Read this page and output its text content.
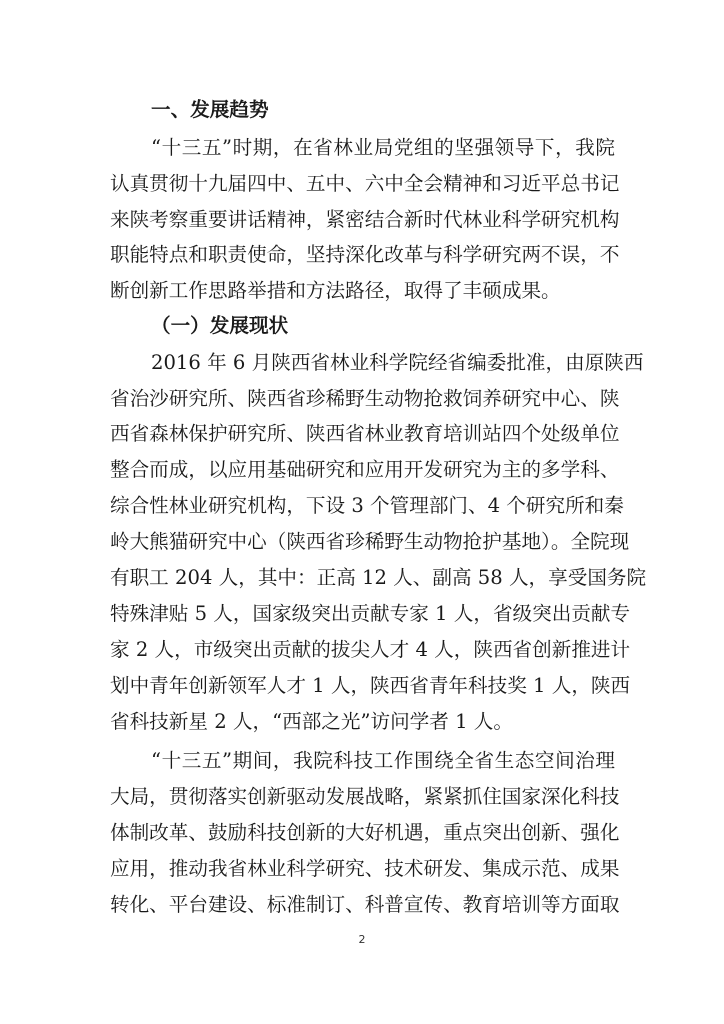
一、发展趋势
“十三五”时期，在省林业局党组的坚强领导下，我院
认真贯彻十九届四中、五中、六中全会精神和习近平总书记
来陕考察重要讲话精神，紧密结合新时代林业科学研究机构
职能特点和职责使命，坚持深化改革与科学研究两不误，不
断创新工作思路举措和方法路径，取得了丰硕成果。
（一）发展现状
2016 年 6 月陕西省林业科学院经省编委批准，由原陕西
省治沙研究所、陕西省珍稀野生动物抢救饲养研究中心、陕
西省森林保护研究所、陕西省林业教育培训站四个处级单位
整合而成，以应用基础研究和应用开发研究为主的多学科、
综合性林业研究机构，下设 3 个管理部门、4 个研究所和秦
岭大熊猫研究中心（陕西省珍稀野生动物抢护基地）。全院现
有职工 204 人，其中：正高 12 人、副高 58 人，享受国务院
特殊津贴 5 人，国家级突出贡献专家 1 人，省级突出贡献专
家 2 人，市级突出贡献的拔尖人才 4 人，陕西省创新推进计
划中青年创新领军人才 1 人，陕西省青年科技奖 1 人，陕西
省科技新星 2 人，“西部之光”访问学者 1 人。
“十三五”期间，我院科技工作围绕全省生态空间治理
大局，贯彻落实创新驱动发展战略，紧紧抓住国家深化科技
体制改革、鼓励科技创新的大好机遇，重点突出创新、强化
应用，推动我省林业科学研究、技术研发、集成示范、成果
转化、平台建设、标准制订、科普宣传、教育培训等方面取
2
